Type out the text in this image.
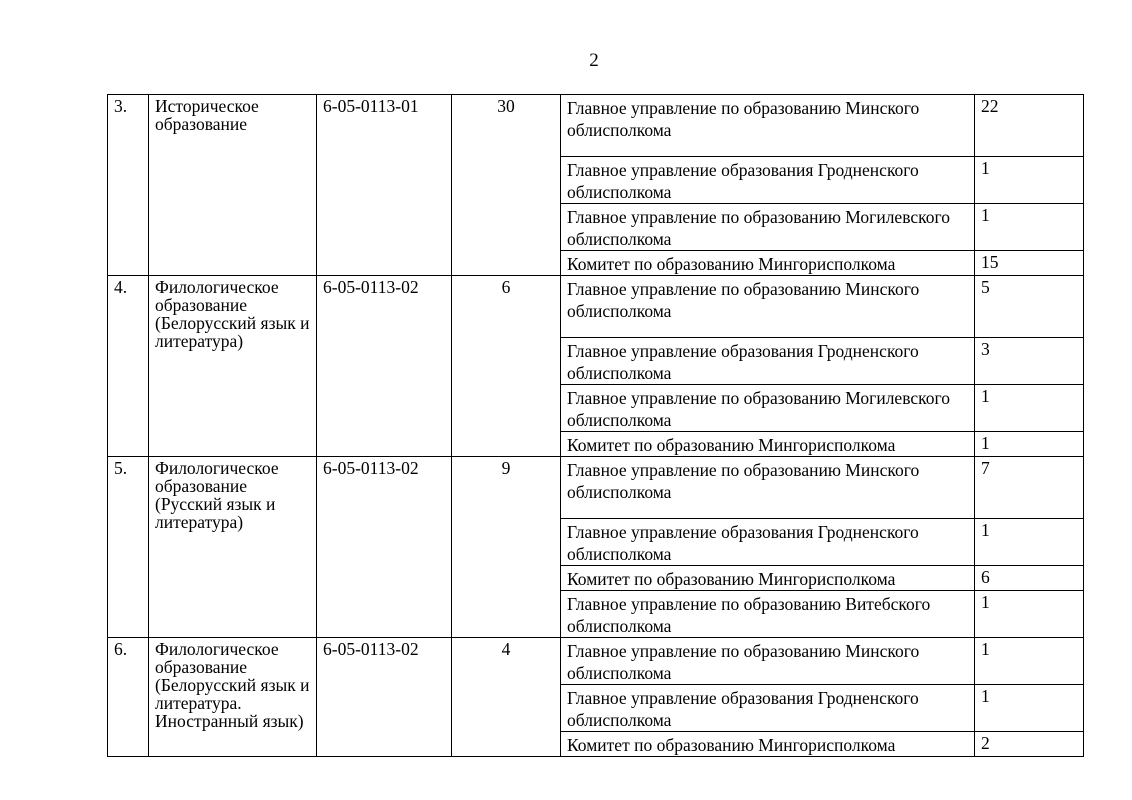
2
3.	Историческое образование	6-05-0113-01	30	Главное управление по образованию Минского облисполкома	22
				Главное управление образования Гродненского облисполкома	1
				Главное управление по образованию Могилевского облисполкома	1
				Комитет по образованию Мингорисполкома	15
4.	Филологическое образование (Белорусский язык и литература)	6-05-0113-02	6	Главное управление по образованию Минского облисполкома	5
				Главное управление образования Гродненского облисполкома	3
				Главное управление по образованию Могилевского облисполкома	1
				Комитет по образованию Мингорисполкома	1
5.	Филологическое образование (Русский язык и литература)	6-05-0113-02	9	Главное управление по образованию Минского облисполкома	7
				Главное управление образования Гродненского облисполкома	1
				Комитет по образованию Мингорисполкома	6
				Главное управление по образованию Витебского облисполкома	1
6.	Филологическое образование (Белорусский язык и литература. Иностранный язык)	6-05-0113-02	4	Главное управление по образованию Минского облисполкома	1
				Главное управление образования Гродненского облисполкома	1
				Комитет по образованию Мингорисполкома	2
